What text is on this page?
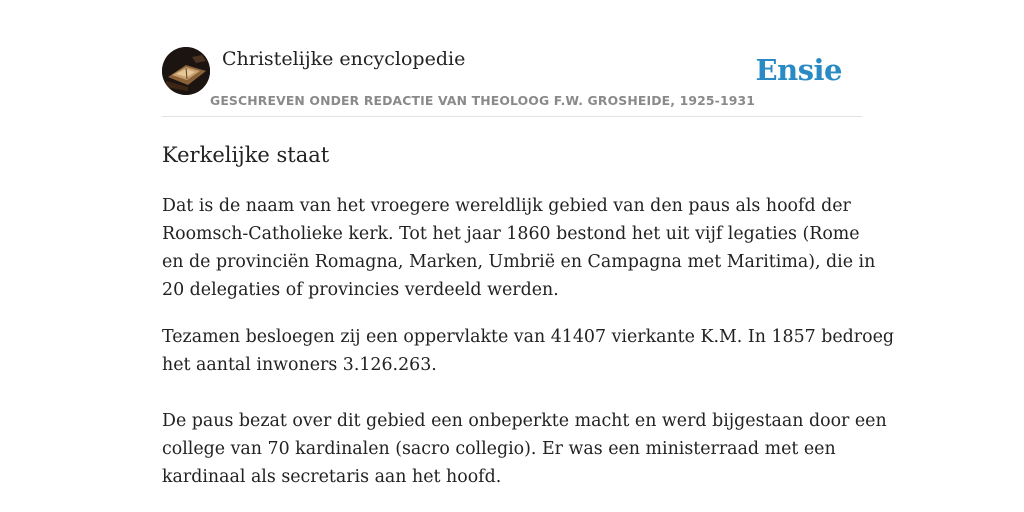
Christelijke encyclopedie
GESCHREVEN ONDER REDACTIE VAN THEOLOOG F.W. GROSHEIDE, 1925-1931
Ensie
Kerkelijke staat

Dat is de naam van het vroegere wereldlijk gebied van den paus als hoofd der
Roomsch-Catholieke kerk. Tot het jaar 1860 bestond het uit vijf legaties (Rome
en de provinciën Romagna, Marken, Umbrië en Campagna met Maritima), die in
20 delegaties of provincies verdeeld werden.

Tezamen besloegen zij een oppervlakte van 41407 vierkante K.M. In 1857 bedroeg
het aantal inwoners 3.126.263.

De paus bezat over dit gebied een onbeperkte macht en werd bijgestaan door een
college van 70 kardinalen (sacro collegio). Er was een ministerraad met een
kardinaal als secretaris aan het hoofd.
